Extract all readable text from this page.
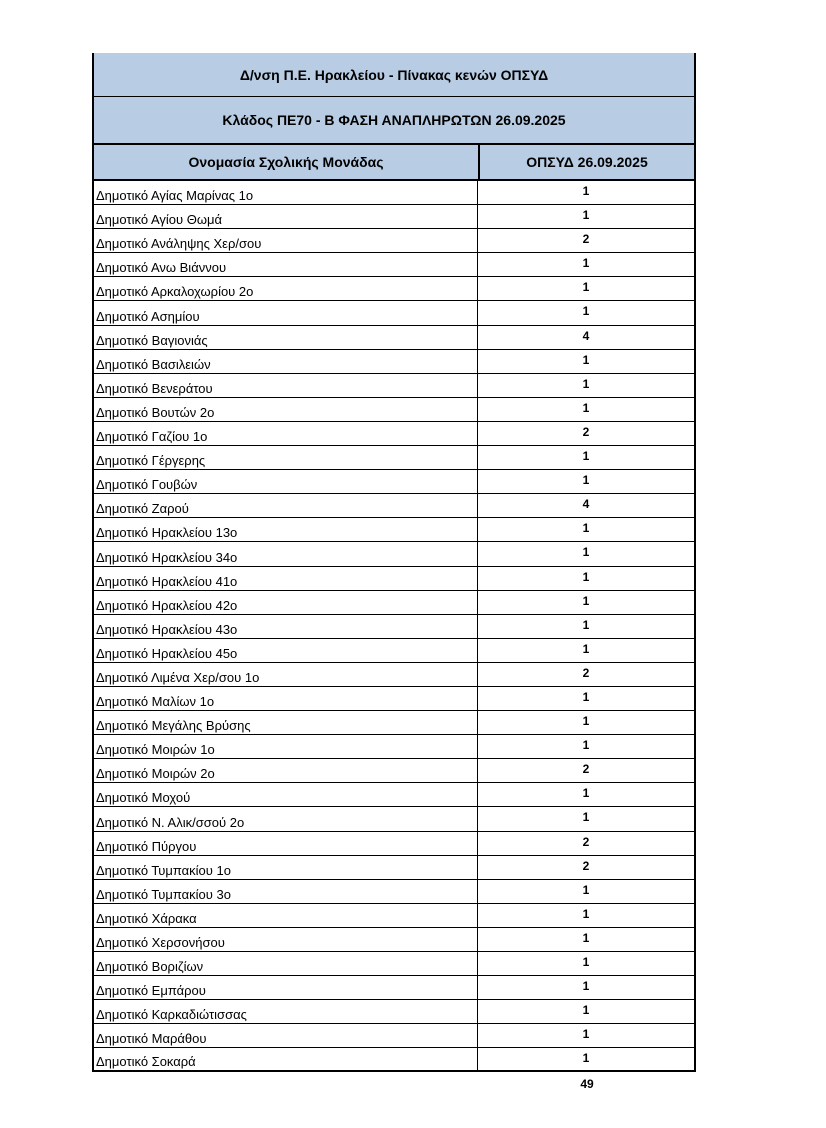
Δ/νση Π.Ε. Ηρακλείου - Πίνακας κενών ΟΠΣΥΔ
Κλάδος ΠΕ70 - Β ΦΑΣΗ ΑΝΑΠΛΗΡΩΤΩΝ 26.09.2025
Ονομασία Σχολικής Μονάδας	ΟΠΣΥΔ 26.09.2025
Δημοτικό Αγίας Μαρίνας 1ο	1
Δημοτικό Αγίου Θωμά	1
Δημοτικό Ανάληψης Χερ/σου	2
Δημοτικό Ανω Βιάννου	1
Δημοτικό Αρκαλοχωρίου 2ο	1
Δημοτικό Ασημίου	1
Δημοτικό Βαγιονιάς	4
Δημοτικό Βασιλειών	1
Δημοτικό Βενεράτου	1
Δημοτικό Βουτών 2ο	1
Δημοτικό Γαζίου 1ο	2
Δημοτικό Γέργερης	1
Δημοτικό Γουβών	1
Δημοτικό Ζαρού	4
Δημοτικό Ηρακλείου 13ο	1
Δημοτικό Ηρακλείου 34ο	1
Δημοτικό Ηρακλείου 41ο	1
Δημοτικό Ηρακλείου 42ο	1
Δημοτικό Ηρακλείου 43ο	1
Δημοτικό Ηρακλείου 45ο	1
Δημοτικό Λιμένα Χερ/σου 1ο	2
Δημοτικό Μαλίων 1ο	1
Δημοτικό Μεγάλης Βρύσης	1
Δημοτικό Μοιρών 1ο	1
Δημοτικό Μοιρών 2ο	2
Δημοτικό Μοχού	1
Δημοτικό Ν. Αλικ/σσού 2ο	1
Δημοτικό Πύργου	2
Δημοτικό Τυμπακίου 1ο	2
Δημοτικό Τυμπακίου 3ο	1
Δημοτικό Χάρακα	1
Δημοτικό Χερσονήσου	1
Δημοτικό Βοριζίων	1
Δημοτικό Εμπάρου	1
Δημοτικό Καρκαδιώτισσας	1
Δημοτικό Μαράθου	1
Δημοτικό Σοκαρά	1
49
